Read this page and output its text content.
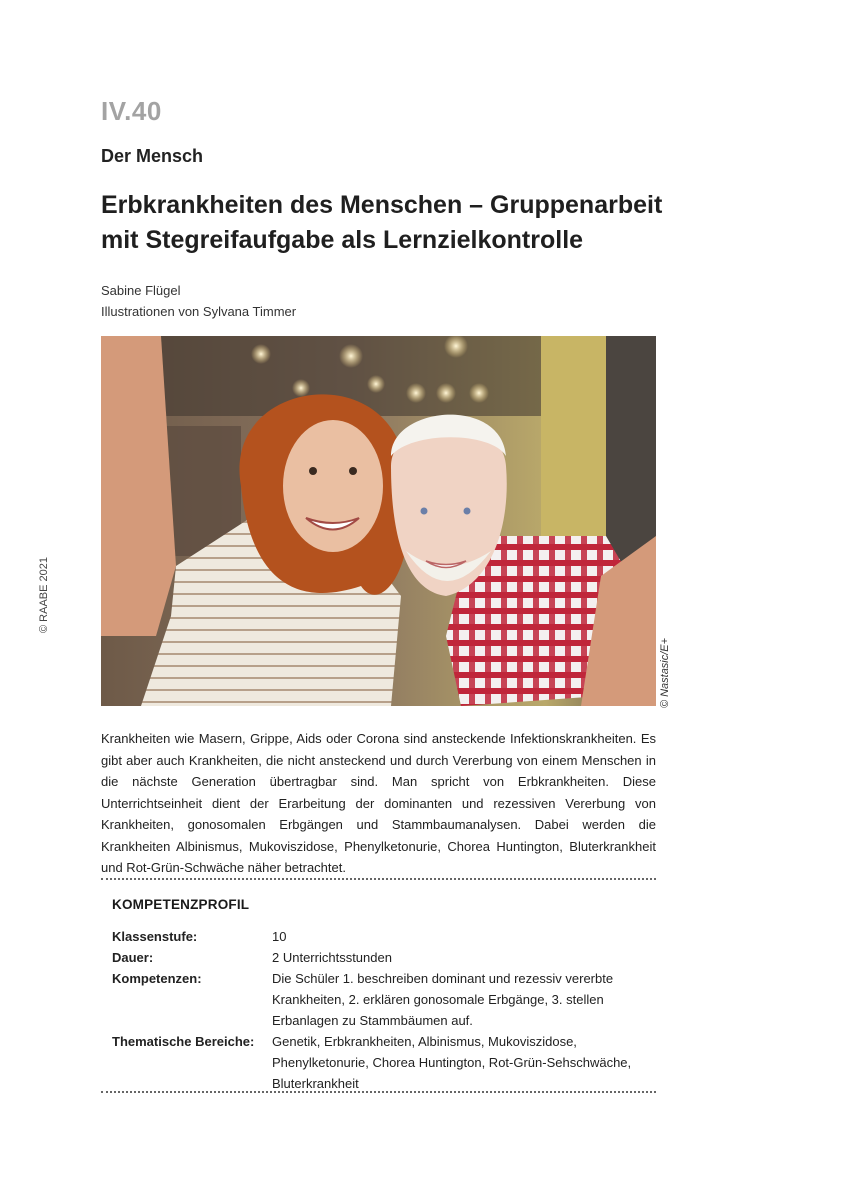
IV.40
Der Mensch
Erbkrankheiten des Menschen – Gruppenarbeit
mit Stegreifaufgabe als Lernzielkontrolle
Sabine Flügel
Illustrationen von Sylvana Timmer
© RAABE 2021
© Nastasic/E+

Krankheiten wie Masern, Grippe, Aids oder Corona sind ansteckende Infektionskrankheiten. Es gibt aber auch Krankheiten, die nicht ansteckend und durch Vererbung von einem Menschen in die nächste Generation übertragbar sind. Man spricht von Erbkrankheiten. Diese Unterrichtseinheit dient der Erarbeitung der dominanten und rezessiven Vererbung von Krankheiten, gonosomalen Erbgängen und Stammbaumanalysen. Dabei werden die Krankheiten Albinismus, Mukoviszidose, Phenylketonurie, Chorea Huntington, Bluterkrankheit und Rot-Grün-Schwäche näher betrachtet.

KOMPETENZPROFIL
Klassenstufe:	10
Dauer:	2 Unterrichtsstunden
Kompetenzen:	Die Schüler 1. beschreiben dominant und rezessiv vererbte Krankheiten, 2. erklären gonosomale Erbgänge, 3. stellen Erbanlagen zu Stammbäumen auf.
Thematische Bereiche:	Genetik, Erbkrankheiten, Albinismus, Mukoviszidose, Phenylketonurie, Chorea Huntington, Rot-Grün-Sehschwäche, Bluterkrankheit
